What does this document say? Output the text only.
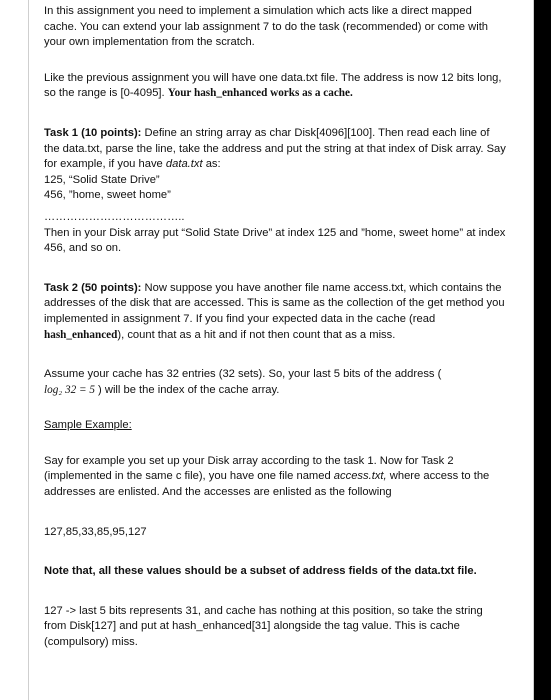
In this assignment you need to implement a simulation which acts like a direct mapped cache. You can extend your lab assignment 7 to do the task (recommended) or come with your own implementation from the scratch.

Like the previous assignment you will have one data.txt file. The address is now 12 bits long, so the range is [0-4095]. Your hash_enhanced works as a cache.

Task 1 (10 points): Define an string array as char Disk[4096][100]. Then read each line of the data.txt, parse the line, take the address and put the string at that index of Disk array. Say for example, if you have data.txt as:

125, “Solid State Drive”

456, ”home, sweet home”

………………………………..

Then in your Disk array put “Solid State Drive” at index 125 and ”home, sweet home” at index 456, and so on.

Task 2 (50 points): Now suppose you have another file name access.txt, which contains the addresses of the disk that are accessed. This is same as the collection of the get method you implemented in assignment 7. If you find your expected data in the cache (read hash_enhanced), count that as a hit and if not then count that as a miss.

Assume your cache has 32 entries (32 sets). So, your last 5 bits of the address (
log₂ 32 = 5 ) will be the index of the cache array.

Sample Example:

Say for example you set up your Disk array according to the task 1. Now for Task 2 (implemented in the same c file), you have one file named access.txt, where access to the addresses are enlisted. And the accesses are enlisted as the following

127,85,33,85,95,127

Note that, all these values should be a subset of address fields of the data.txt file.

127 -> last 5 bits represents 31, and cache has nothing at this position, so take the string from Disk[127] and put at hash_enhanced[31] alongside the tag value. This is cache (compulsory) miss.
